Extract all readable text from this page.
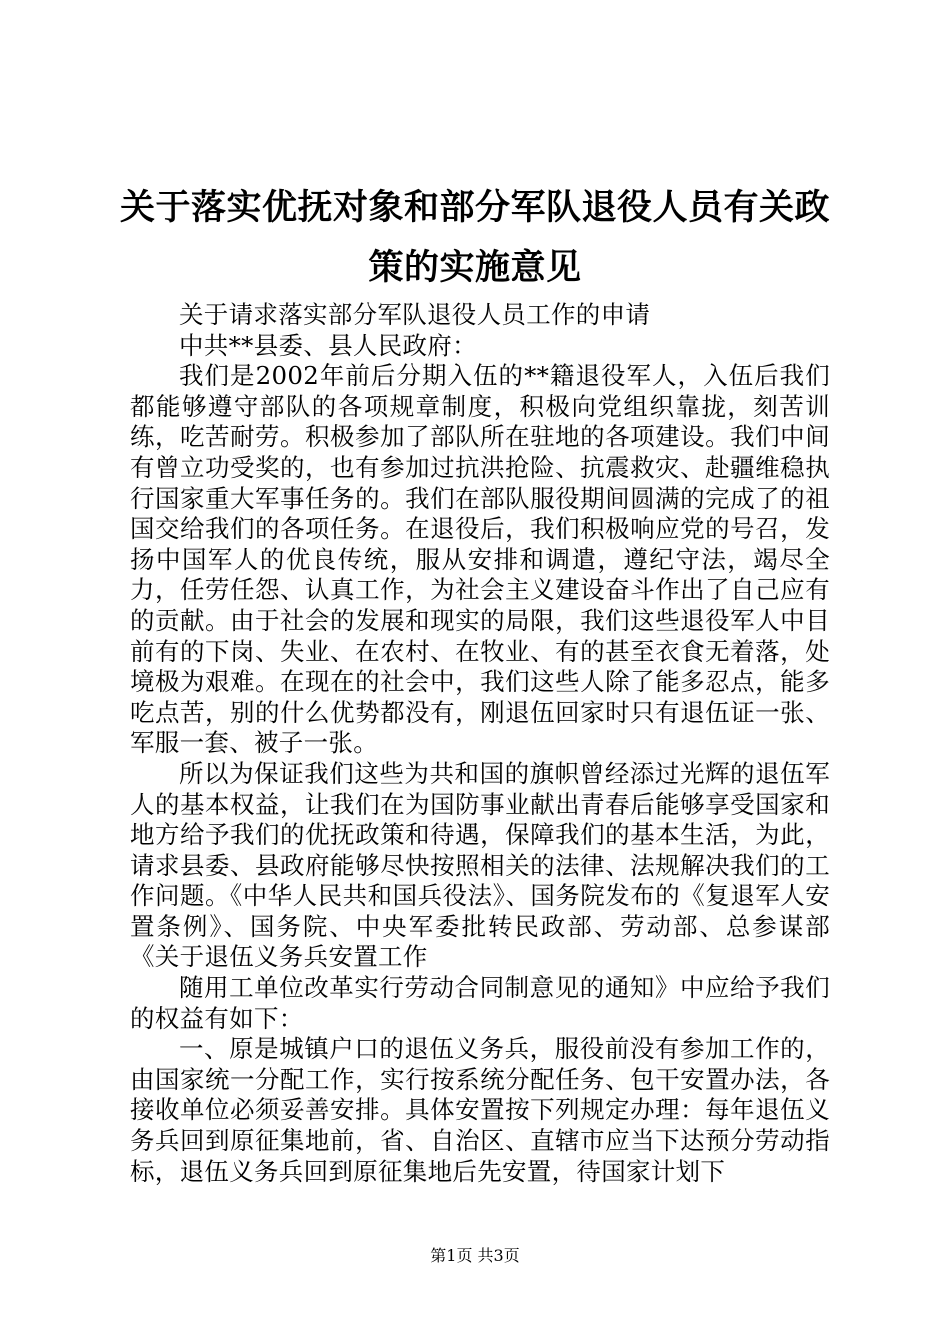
关于落实优抚对象和部分军队退役人员有关政
策的实施意见

关于请求落实部分军队退役人员工作的申请

中共**县委、县人民政府：

我们是2002年前后分期入伍的**籍退役军人，入伍后我们都能够遵守部队的各项规章制度，积极向党组织靠拢，刻苦训练，吃苦耐劳。积极参加了部队所在驻地的各项建设。我们中间有曾立功受奖的，也有参加过抗洪抢险、抗震救灾、赴疆维稳执行国家重大军事任务的。我们在部队服役期间圆满的完成了的祖国交给我们的各项任务。在退役后，我们积极响应党的号召，发扬中国军人的优良传统，服从安排和调遣，遵纪守法，竭尽全力，任劳任怨、认真工作，为社会主义建设奋斗作出了自己应有的贡献。由于社会的发展和现实的局限，我们这些退役军人中目前有的下岗、失业、在农村、在牧业、有的甚至衣食无着落，处境极为艰难。在现在的社会中，我们这些人除了能多忍点，能多吃点苦，别的什么优势都没有，刚退伍回家时只有退伍证一张、军服一套、被子一张。

所以为保证我们这些为共和国的旗帜曾经添过光辉的退伍军人的基本权益，让我们在为国防事业献出青春后能够享受国家和地方给予我们的优抚政策和待遇，保障我们的基本生活，为此，请求县委、县政府能够尽快按照相关的法律、法规解决我们的工作问题。《中华人民共和国兵役法》、国务院发布的《复退军人安置条例》、国务院、中央军委批转民政部、劳动部、总参谋部《关于退伍义务兵安置工作

随用工单位改革实行劳动合同制意见的通知》中应给予我们的权益有如下：

一、原是城镇户口的退伍义务兵，服役前没有参加工作的，由国家统一分配工作，实行按系统分配任务、包干安置办法，各接收单位必须妥善安排。具体安置按下列规定办理：每年退伍义务兵回到原征集地前，省、自治区、直辖市应当下达预分劳动指标，退伍义务兵回到原征集地后先安置，待国家计划下

第1页 共3页
